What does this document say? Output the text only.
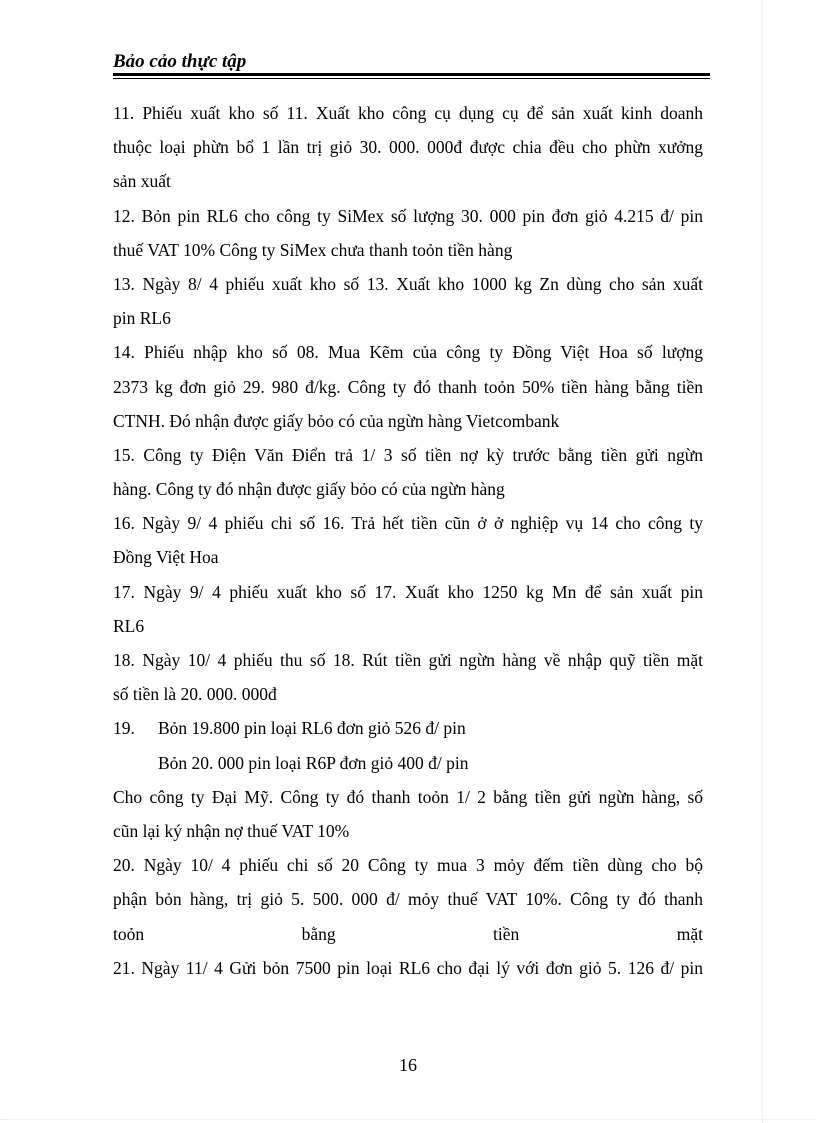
Bảo cảo thực tập
11. Phiếu xuất kho số 11. Xuất kho công cụ dụng cụ để sản xuất kinh doanh
thuộc loại phừn bổ 1 lần trị giỏ 30. 000. 000đ được chia đều cho phừn xưởng
sản xuất
12. Bỏn pin RL6 cho công ty SiMex số lượng 30. 000 pin đơn giỏ 4.215 đ/ pin
thuế VAT 10% Công ty SiMex chưa thanh toỏn tiền hàng
13. Ngày 8/ 4 phiếu xuất kho số 13. Xuất kho 1000 kg Zn dùng cho sản xuất
pin RL6
14. Phiếu nhập kho số 08. Mua Kẽm của công ty Đồng Việt Hoa số lượng
2373 kg đơn giỏ 29. 980 đ/kg. Công ty đó thanh toỏn 50% tiền hàng bằng tiền
CTNH. Đó nhận được giấy bỏo có của ngừn hàng Vietcombank
15. Công ty Điện Văn Điển trả 1/ 3 số tiền nợ kỳ trước bằng tiền gửi ngừn
hàng. Công ty đó nhận được giấy bỏo có của ngừn hàng
16. Ngày 9/ 4 phiếu chi số 16. Trả hết tiền cũn ở ở nghiệp vụ 14 cho công ty
Đồng Việt Hoa
17. Ngày 9/ 4 phiếu xuất kho số 17. Xuất kho 1250 kg Mn để sản xuất pin
RL6
18. Ngày 10/ 4 phiếu thu số 18. Rút tiền gửi ngừn hàng về nhập quỹ tiền mặt
số tiền là 20. 000. 000đ
19. Bỏn 19.800 pin loại RL6 đơn giỏ 526 đ/ pin
Bỏn 20. 000 pin loại R6P đơn giỏ 400 đ/ pin
Cho công ty Đại Mỹ. Công ty đó thanh toỏn 1/ 2 bằng tiền gửi ngừn hàng, số
cũn lại ký nhận nợ thuế VAT 10%
20. Ngày 10/ 4 phiếu chi số 20 Công ty mua 3 mỏy đếm tiền dùng cho bộ
phận bỏn hàng, trị giỏ 5. 500. 000 đ/ mỏy thuế VAT 10%. Công ty đó thanh
toỏn bằng tiền mặt
21. Ngày 11/ 4 Gửi bỏn 7500 pin loại RL6 cho đại lý với đơn giỏ 5. 126 đ/ pin
16
